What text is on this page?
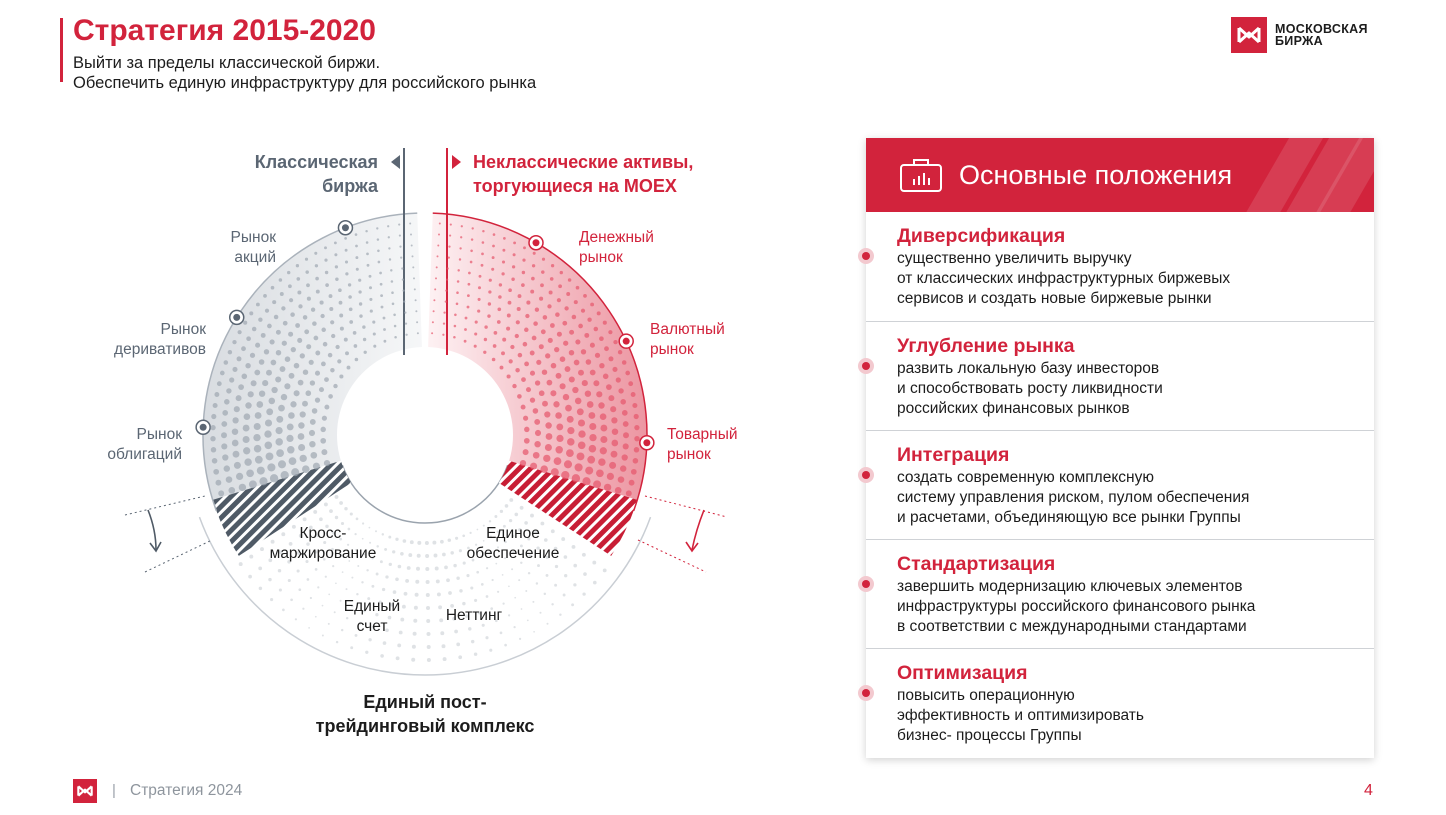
Стратегия 2015-2020
Выйти за пределы классической биржи.
Обеспечить единую инфраструктуру для российского рынка
МОСКОВСКАЯ
БИРЖА
Классическая
биржа
Неклассические активы,
торгующиеся на MOEX
Рынок
акций
Рынок
деривативов
Рынок
облигаций
Денежный
рынок
Валютный
рынок
Товарный
рынок
Кросс-
маржирование
Единое
обеспечение
Единый
счет
Неттинг
Единый пост-
трейдинговый комплекс
Основные положения
Диверсификация
существенно увеличить выручку
от классических инфраструктурных биржевых
сервисов и создать новые биржевые рынки
Углубление рынка
развить локальную базу инвесторов
и способствовать росту ликвидности
российских финансовых рынков
Интеграция
создать современную комплексную
систему управления риском, пулом обеспечения
и расчетами, объединяющую все рынки Группы
Стандартизация
завершить модернизацию ключевых элементов
инфраструктуры российского финансового рынка
в соответствии с международными стандартами
Оптимизация
повысить операционную
эффективность и оптимизировать
бизнес- процессы Группы
| Стратегия 2024	4
